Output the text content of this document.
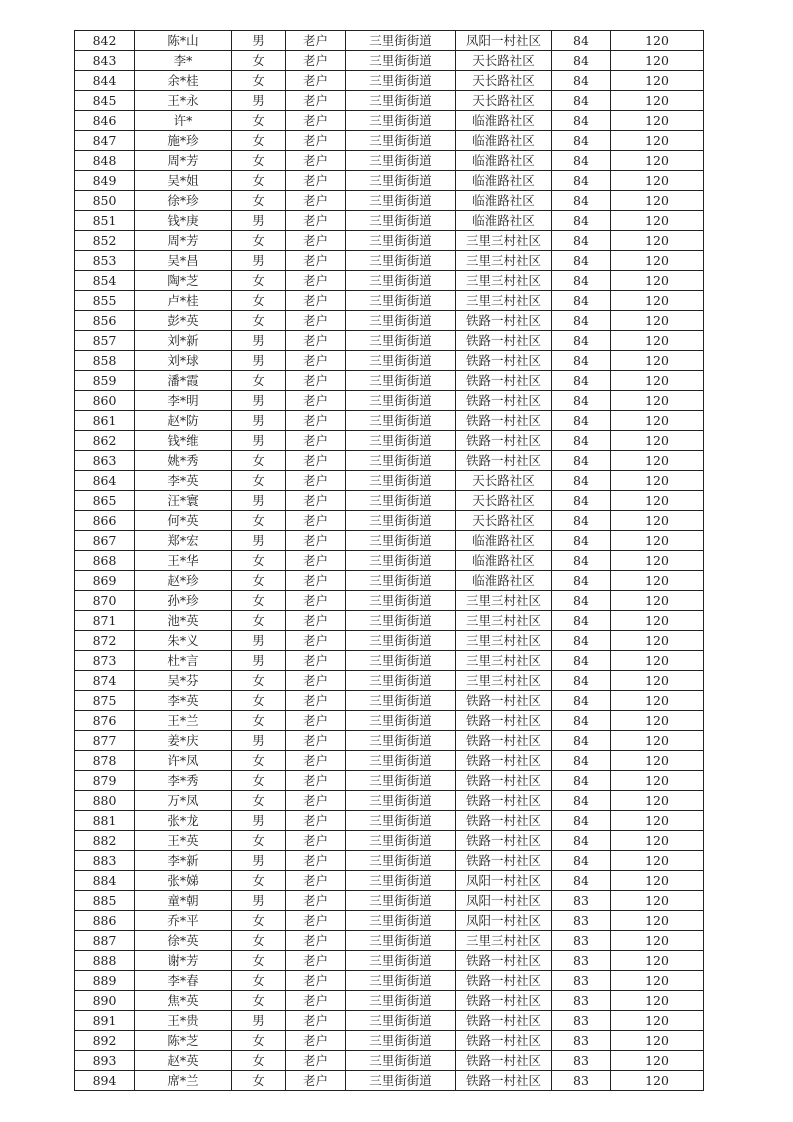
842	陈*山	男	老户	三里街街道	凤阳一村社区	84	120
843	李*	女	老户	三里街街道	天长路社区	84	120
844	余*桂	女	老户	三里街街道	天长路社区	84	120
845	王*永	男	老户	三里街街道	天长路社区	84	120
846	许*	女	老户	三里街街道	临淮路社区	84	120
847	施*珍	女	老户	三里街街道	临淮路社区	84	120
848	周*芳	女	老户	三里街街道	临淮路社区	84	120
849	吴*姐	女	老户	三里街街道	临淮路社区	84	120
850	徐*珍	女	老户	三里街街道	临淮路社区	84	120
851	钱*庚	男	老户	三里街街道	临淮路社区	84	120
852	周*芳	女	老户	三里街街道	三里三村社区	84	120
853	吴*昌	男	老户	三里街街道	三里三村社区	84	120
854	陶*芝	女	老户	三里街街道	三里三村社区	84	120
855	卢*桂	女	老户	三里街街道	三里三村社区	84	120
856	彭*英	女	老户	三里街街道	铁路一村社区	84	120
857	刘*新	男	老户	三里街街道	铁路一村社区	84	120
858	刘*球	男	老户	三里街街道	铁路一村社区	84	120
859	潘*霞	女	老户	三里街街道	铁路一村社区	84	120
860	李*明	男	老户	三里街街道	铁路一村社区	84	120
861	赵*防	男	老户	三里街街道	铁路一村社区	84	120
862	钱*维	男	老户	三里街街道	铁路一村社区	84	120
863	姚*秀	女	老户	三里街街道	铁路一村社区	84	120
864	李*英	女	老户	三里街街道	天长路社区	84	120
865	汪*寰	男	老户	三里街街道	天长路社区	84	120
866	何*英	女	老户	三里街街道	天长路社区	84	120
867	郑*宏	男	老户	三里街街道	临淮路社区	84	120
868	王*华	女	老户	三里街街道	临淮路社区	84	120
869	赵*珍	女	老户	三里街街道	临淮路社区	84	120
870	孙*珍	女	老户	三里街街道	三里三村社区	84	120
871	池*英	女	老户	三里街街道	三里三村社区	84	120
872	朱*义	男	老户	三里街街道	三里三村社区	84	120
873	杜*言	男	老户	三里街街道	三里三村社区	84	120
874	吴*芬	女	老户	三里街街道	三里三村社区	84	120
875	李*英	女	老户	三里街街道	铁路一村社区	84	120
876	王*兰	女	老户	三里街街道	铁路一村社区	84	120
877	姜*庆	男	老户	三里街街道	铁路一村社区	84	120
878	许*凤	女	老户	三里街街道	铁路一村社区	84	120
879	李*秀	女	老户	三里街街道	铁路一村社区	84	120
880	万*凤	女	老户	三里街街道	铁路一村社区	84	120
881	张*龙	男	老户	三里街街道	铁路一村社区	84	120
882	王*英	女	老户	三里街街道	铁路一村社区	84	120
883	李*新	男	老户	三里街街道	铁路一村社区	84	120
884	张*娣	女	老户	三里街街道	凤阳一村社区	84	120
885	童*朝	男	老户	三里街街道	凤阳一村社区	83	120
886	乔*平	女	老户	三里街街道	凤阳一村社区	83	120
887	徐*英	女	老户	三里街街道	三里三村社区	83	120
888	谢*芳	女	老户	三里街街道	铁路一村社区	83	120
889	李*春	女	老户	三里街街道	铁路一村社区	83	120
890	焦*英	女	老户	三里街街道	铁路一村社区	83	120
891	王*贵	男	老户	三里街街道	铁路一村社区	83	120
892	陈*芝	女	老户	三里街街道	铁路一村社区	83	120
893	赵*英	女	老户	三里街街道	铁路一村社区	83	120
894	席*兰	女	老户	三里街街道	铁路一村社区	83	120
